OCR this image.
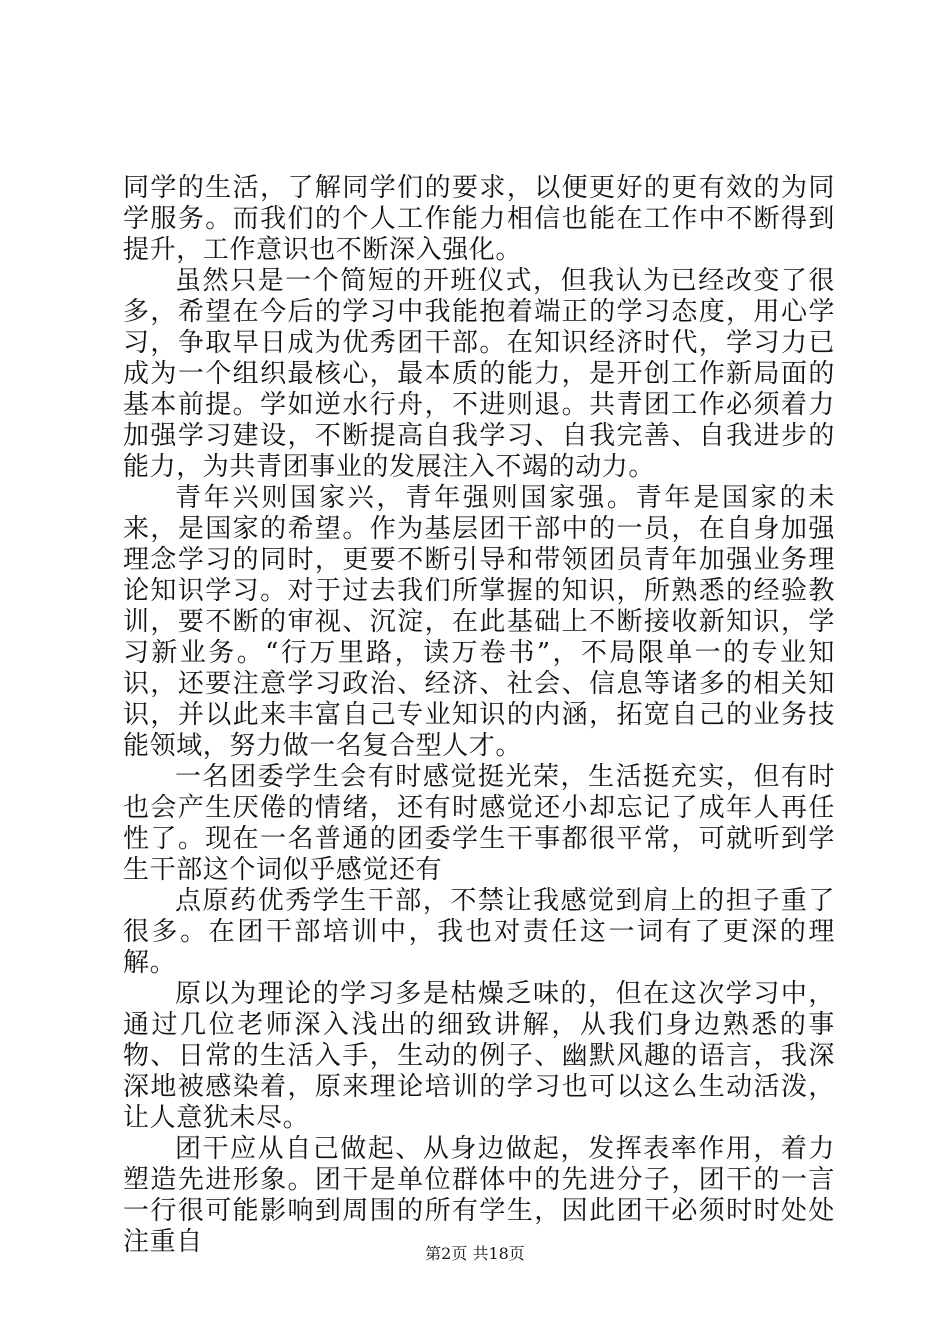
同学的生活，了解同学们的要求，以便更好的更有效的为同学服务。而我们的个人工作能力相信也能在工作中不断得到提升，工作意识也不断深入强化。

虽然只是一个简短的开班仪式，但我认为已经改变了很多，希望在今后的学习中我能抱着端正的学习态度，用心学习，争取早日成为优秀团干部。在知识经济时代，学习力已成为一个组织最核心，最本质的能力，是开创工作新局面的基本前提。学如逆水行舟，不进则退。共青团工作必须着力加强学习建设，不断提高自我学习、自我完善、自我进步的能力，为共青团事业的发展注入不竭的动力。

青年兴则国家兴，青年强则国家强。青年是国家的未来，是国家的希望。作为基层团干部中的一员，在自身加强理念学习的同时，更要不断引导和带领团员青年加强业务理论知识学习。对于过去我们所掌握的知识，所熟悉的经验教训，要不断的审视、沉淀，在此基础上不断接收新知识，学习新业务。“行万里路，读万卷书”，不局限单一的专业知识，还要注意学习政治、经济、社会、信息等诸多的相关知识，并以此来丰富自己专业知识的内涵，拓宽自己的业务技能领域，努力做一名复合型人才。

一名团委学生会有时感觉挺光荣，生活挺充实，但有时也会产生厌倦的情绪，还有时感觉还小却忘记了成年人再任性了。现在一名普通的团委学生干事都很平常，可就听到学生干部这个词似乎感觉还有

点原药优秀学生干部，不禁让我感觉到肩上的担子重了很多。在团干部培训中，我也对责任这一词有了更深的理解。

原以为理论的学习多是枯燥乏味的，但在这次学习中，通过几位老师深入浅出的细致讲解，从我们身边熟悉的事物、日常的生活入手，生动的例子、幽默风趣的语言，我深深地被感染着，原来理论培训的学习也可以这么生动活泼，让人意犹未尽。

团干应从自己做起、从身边做起，发挥表率作用，着力塑造先进形象。团干是单位群体中的先进分子，团干的一言一行很可能影响到周围的所有学生，因此团干必须时时处处注重自	第2页 共18页
